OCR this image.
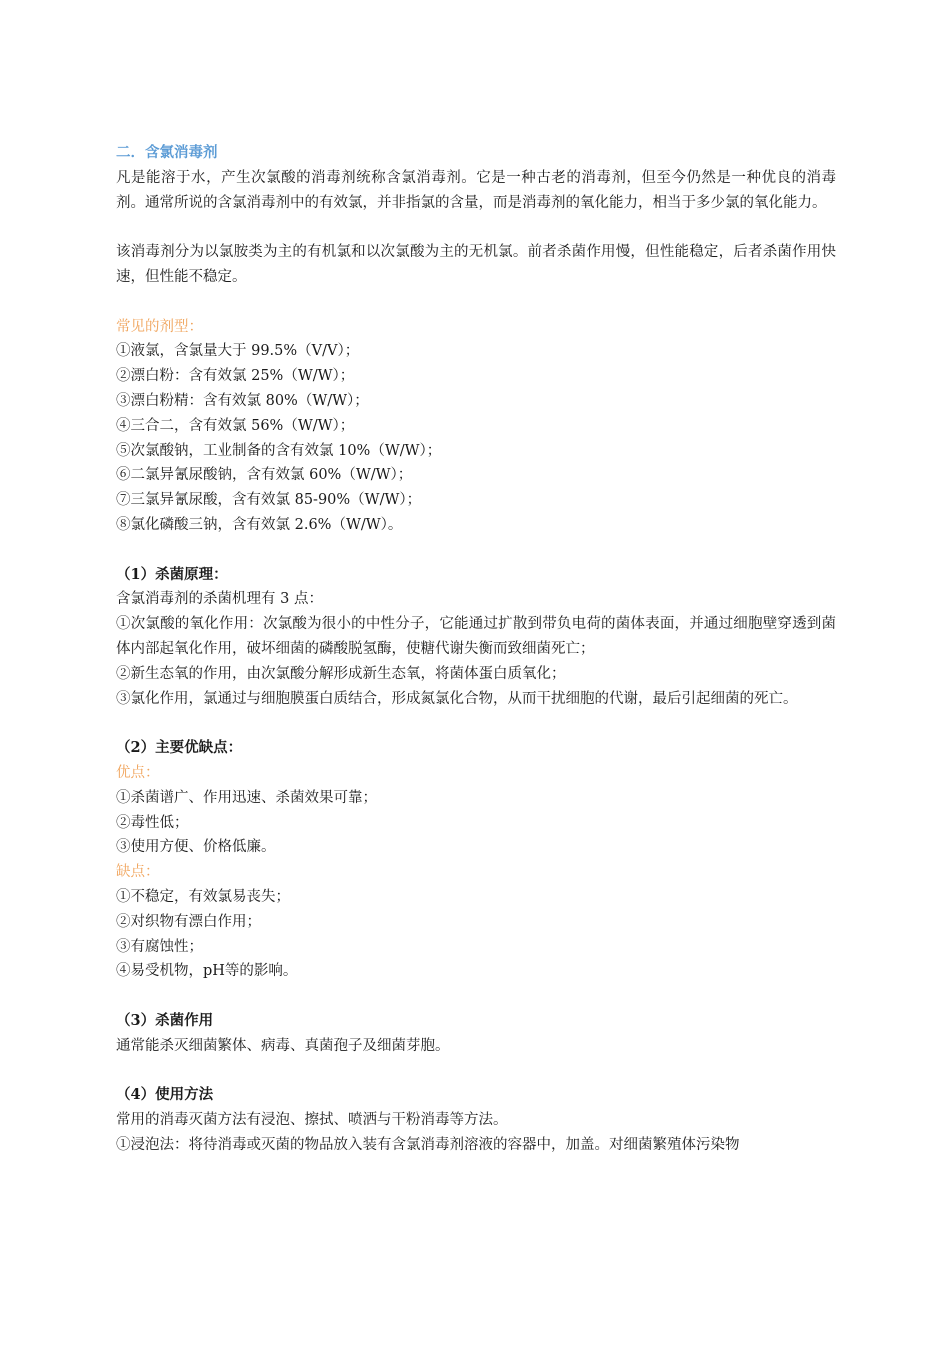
二．含氯消毒剂

凡是能溶于水，产生次氯酸的消毒剂统称含氯消毒剂。它是一种古老的消毒剂，但至今仍然是一种优良的消毒剂。通常所说的含氯消毒剂中的有效氯，并非指氯的含量，而是消毒剂的氧化能力，相当于多少氯的氧化能力。

该消毒剂分为以氯胺类为主的有机氯和以次氯酸为主的无机氯。前者杀菌作用慢，但性能稳定，后者杀菌作用快速，但性能不稳定。

常见的剂型：

①液氯，含氯量大于 99.5%（V/V）；

②漂白粉：含有效氯 25%（W/W）；

③漂白粉精：含有效氯 80%（W/W）；

④三合二，含有效氯 56%（W/W）；

⑤次氯酸钠，工业制备的含有效氯 10%（W/W）；

⑥二氯异氰尿酸钠，含有效氯 60%（W/W）；

⑦三氯异氰尿酸，含有效氯 85-90%（W/W）；

⑧氯化磷酸三钠，含有效氯 2.6%（W/W）。

（1）杀菌原理：

含氯消毒剂的杀菌机理有 3 点：

①次氯酸的氧化作用：次氯酸为很小的中性分子，它能通过扩散到带负电荷的菌体表面，并通过细胞壁穿透到菌体内部起氧化作用，破坏细菌的磷酸脱氢酶，使糖代谢失衡而致细菌死亡；

②新生态氧的作用，由次氯酸分解形成新生态氧，将菌体蛋白质氧化；

③氯化作用，氯通过与细胞膜蛋白质结合，形成氮氯化合物，从而干扰细胞的代谢，最后引起细菌的死亡。

（2）主要优缺点：

优点：

①杀菌谱广、作用迅速、杀菌效果可靠；

②毒性低；

③使用方便、价格低廉。

缺点：

①不稳定，有效氯易丧失；

②对织物有漂白作用；

③有腐蚀性；

④易受机物，pH等的影响。

（3）杀菌作用

通常能杀灭细菌繁体、病毒、真菌孢子及细菌芽胞。

（4）使用方法

常用的消毒灭菌方法有浸泡、擦拭、喷洒与干粉消毒等方法。

①浸泡法：将待消毒或灭菌的物品放入装有含氯消毒剂溶液的容器中，加盖。对细菌繁殖体污染物
